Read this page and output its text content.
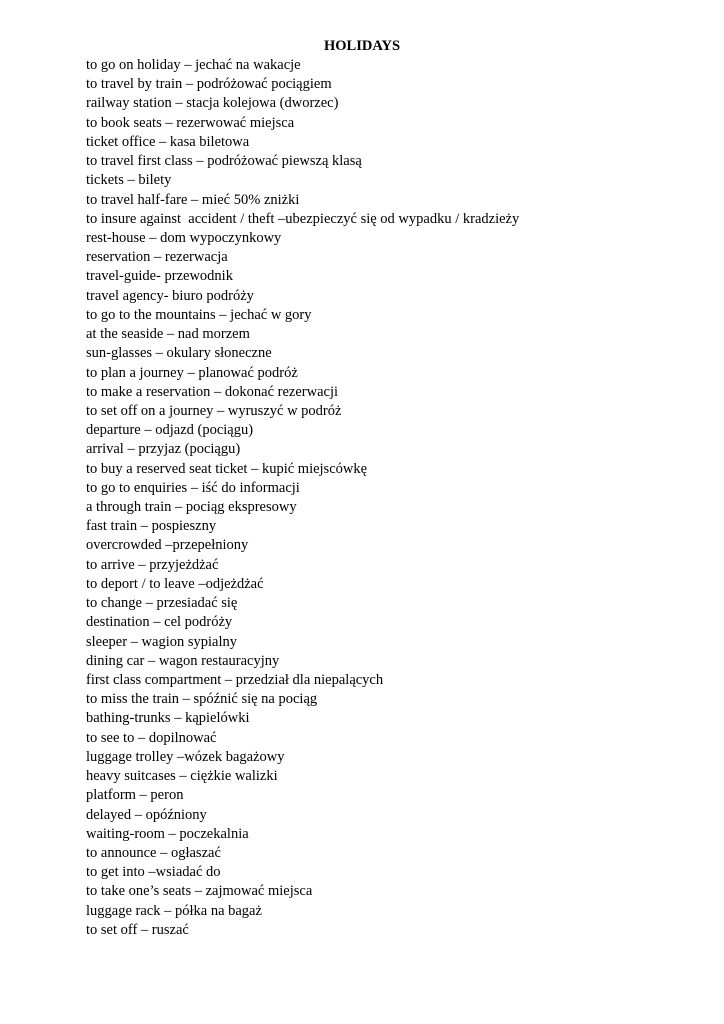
HOLIDAYS
to go on holiday – jechać na wakacje
to travel by train – podróżować pociągiem
railway station – stacja kolejowa (dworzec)
to book seats – rezerwować miejsca
ticket office – kasa biletowa
to travel first class – podróżować piewszą klasą
tickets – bilety
to travel half-fare – mieć 50% zniżki
to insure against  accident / theft –ubezpieczyć się od wypadku / kradzieży
rest-house – dom wypoczynkowy
reservation – rezerwacja
travel-guide- przewodnik
travel agency- biuro podróży
to go to the mountains – jechać w gory
at the seaside – nad morzem
sun-glasses – okulary słoneczne
to plan a journey – planować podróż
to make a reservation – dokonać rezerwacji
to set off on a journey – wyruszyć w podróż
departure – odjazd (pociągu)
arrival – przyjaz (pociągu)
to buy a reserved seat ticket – kupić miejscówkę
to go to enquiries – iść do informacji
a through train – pociąg ekspresowy
fast train – pospieszny
overcrowded –przepełniony
to arrive – przyjeżdżać
to deport / to leave –odjeżdżać
to change – przesiadać się
destination – cel podróży
sleeper – wagion sypialny
dining car – wagon restauracyjny
first class compartment – przedział dla niepalących
to miss the train – spóźnić się na pociąg
bathing-trunks – kąpielówki
to see to – dopilnować
luggage trolley –wózek bagażowy
heavy suitcases – ciężkie walizki
platform – peron
delayed – opóźniony
waiting-room – poczekalnia
to announce – ogłaszać
to get into –wsiadać do
to take one’s seats – zajmować miejsca
luggage rack – półka na bagaż
to set off – ruszać
